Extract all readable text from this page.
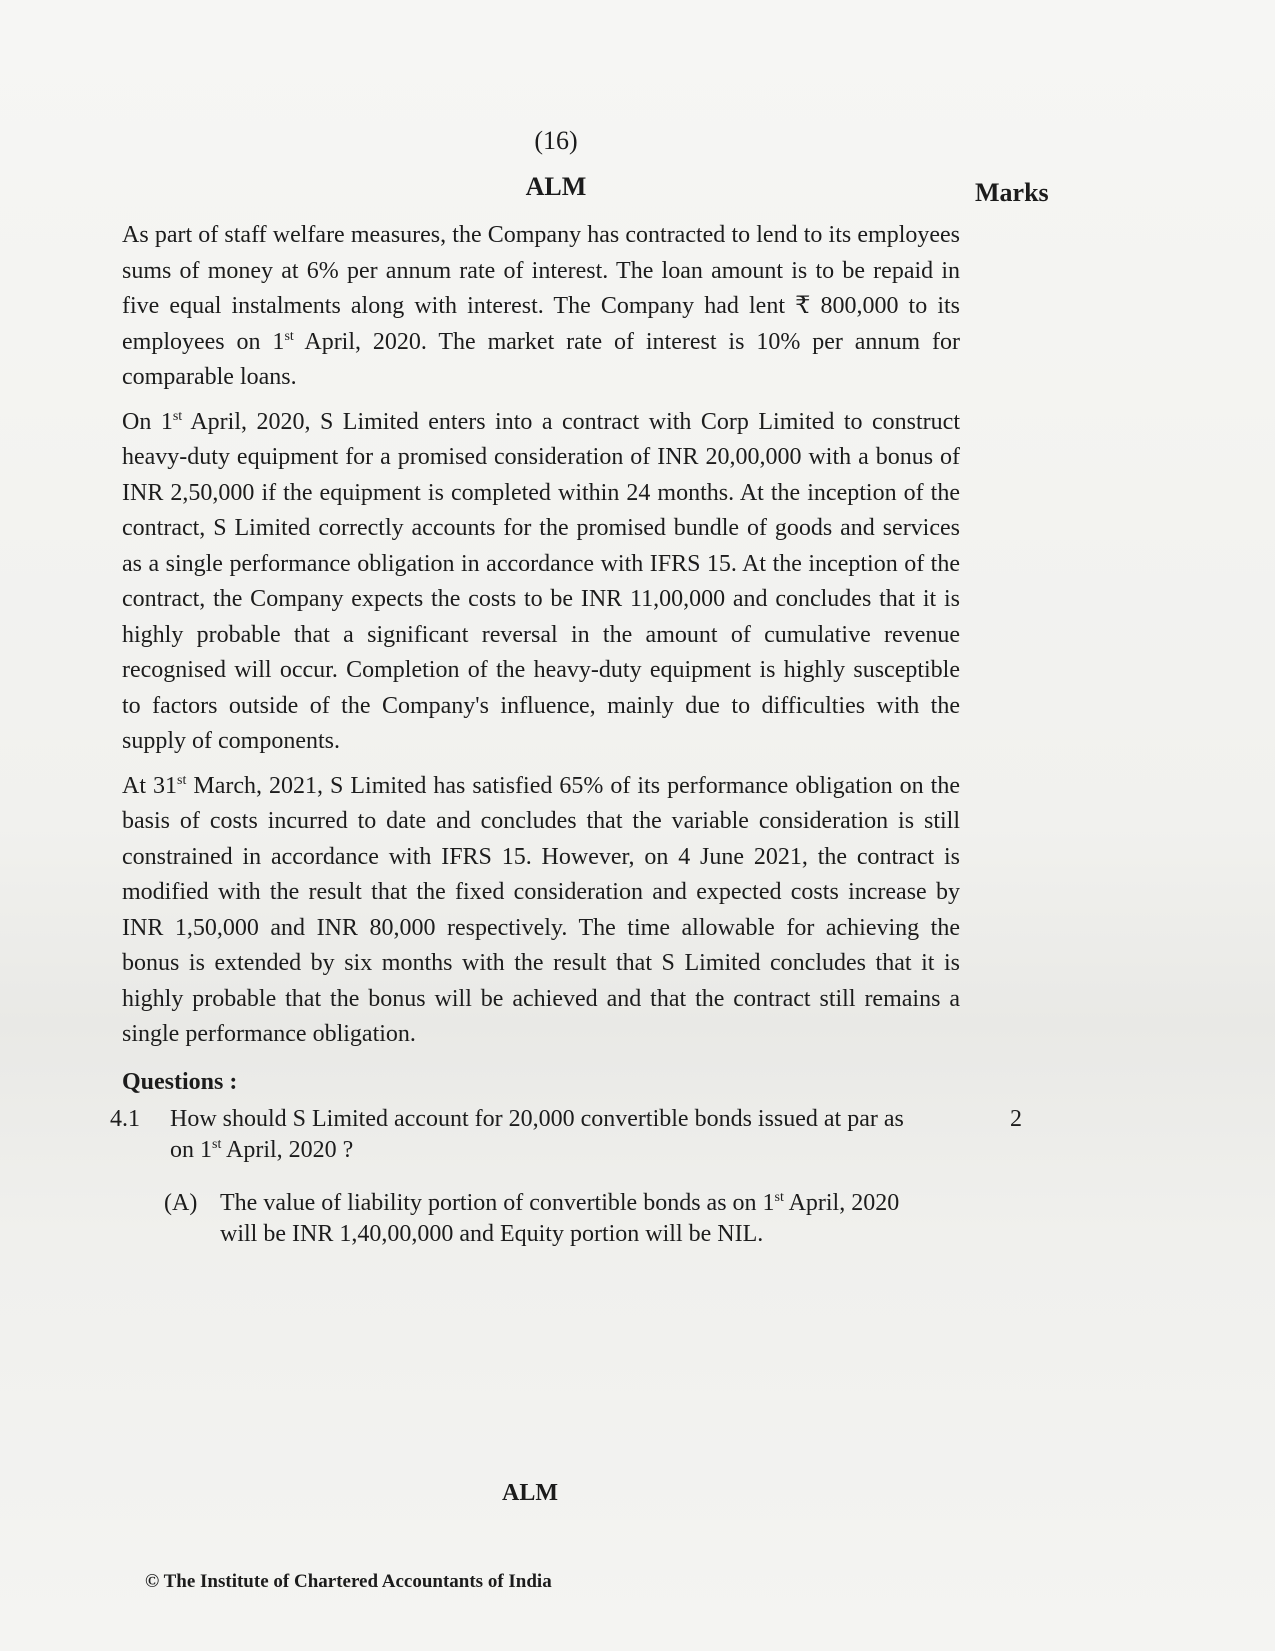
(16)
ALM	Marks

As part of staff welfare measures, the Company has contracted to lend to its employees sums of money at 6% per annum rate of interest. The loan amount is to be repaid in five equal instalments along with interest. The Company had lent ₹ 800,000 to its employees on 1st April, 2020. The market rate of interest is 10% per annum for comparable loans.

On 1st April, 2020, S Limited enters into a contract with Corp Limited to construct heavy-duty equipment for a promised consideration of INR 20,00,000 with a bonus of INR 2,50,000 if the equipment is completed within 24 months. At the inception of the contract, S Limited correctly accounts for the promised bundle of goods and services as a single performance obligation in accordance with IFRS 15. At the inception of the contract, the Company expects the costs to be INR 11,00,000 and concludes that it is highly probable that a significant reversal in the amount of cumulative revenue recognised will occur. Completion of the heavy-duty equipment is highly susceptible to factors outside of the Company's influence, mainly due to difficulties with the supply of components.

At 31st March, 2021, S Limited has satisfied 65% of its performance obligation on the basis of costs incurred to date and concludes that the variable consideration is still constrained in accordance with IFRS 15. However, on 4 June 2021, the contract is modified with the result that the fixed consideration and expected costs increase by INR 1,50,000 and INR 80,000 respectively. The time allowable for achieving the bonus is extended by six months with the result that S Limited concludes that it is highly probable that the bonus will be achieved and that the contract still remains a single performance obligation.

Questions :
4.1 How should S Limited account for 20,000 convertible bonds issued at par as on 1st April, 2020 ?
2
(A) The value of liability portion of convertible bonds as on 1st April, 2020 will be INR 1,40,00,000 and Equity portion will be NIL.
ALM
© The Institute of Chartered Accountants of India
